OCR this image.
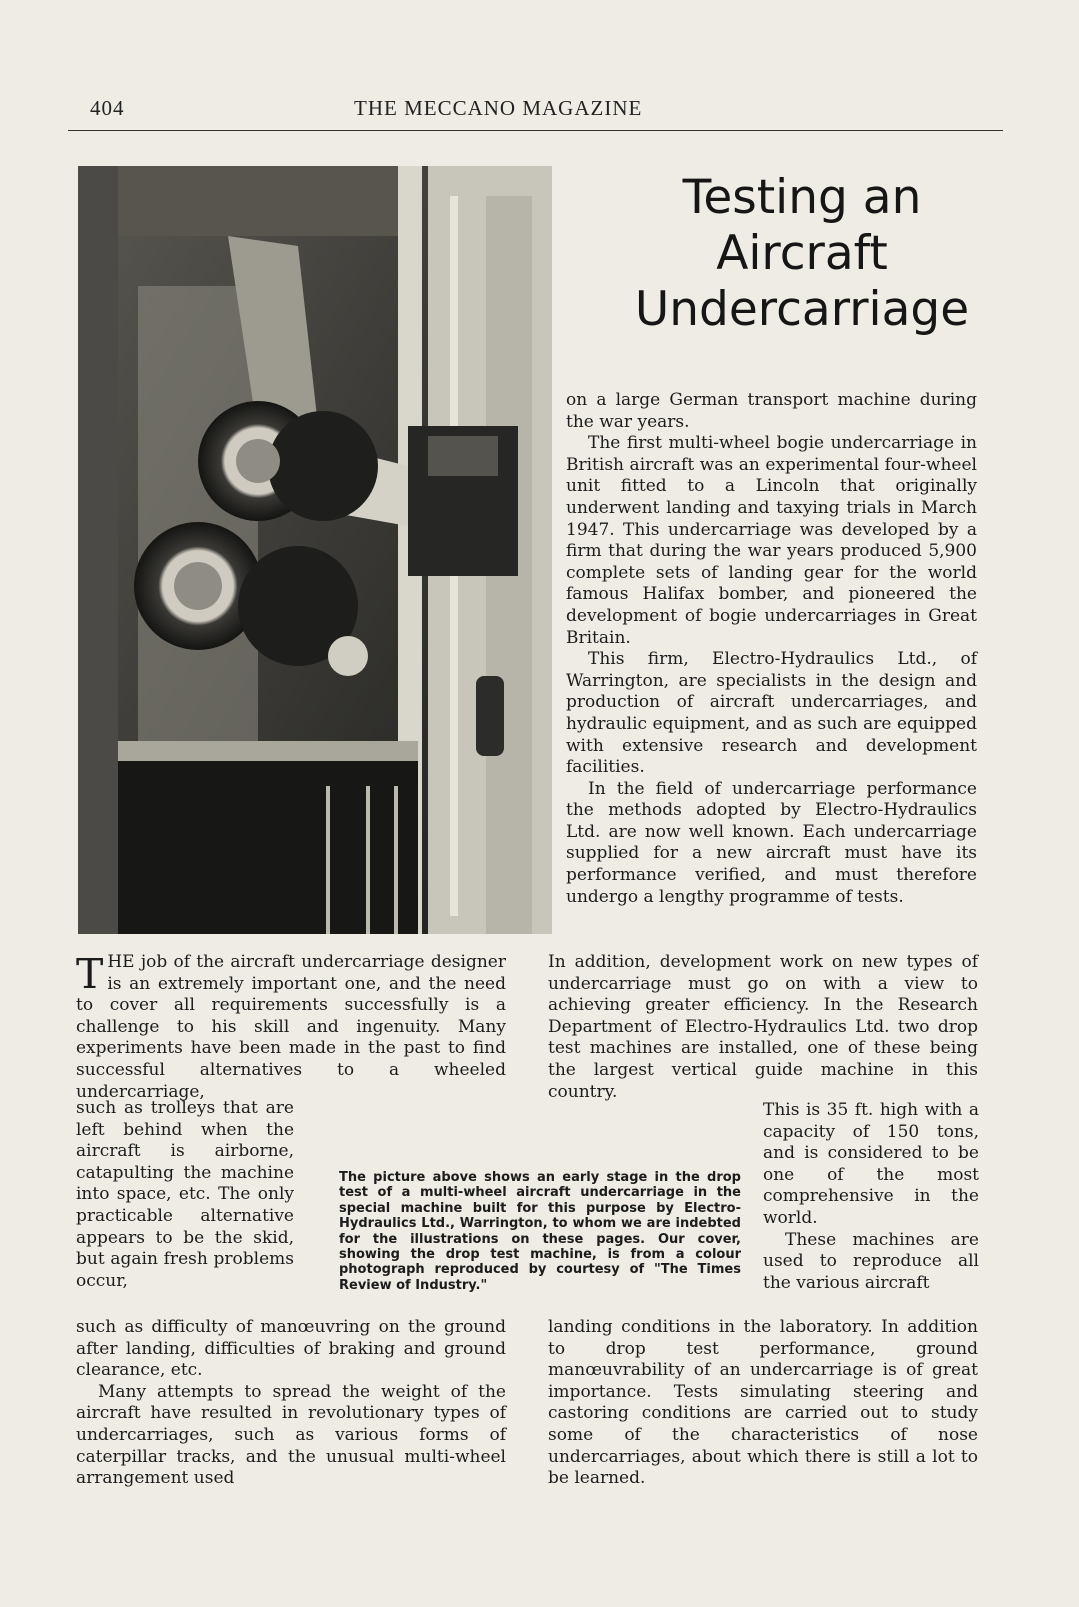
404	THE MECCANO MAGAZINE
Testing an
Aircraft
Undercarriage

on a large German transport machine during the war years.

The first multi-wheel bogie undercarriage in British aircraft was an experimental four-wheel unit fitted to a Lincoln that originally underwent landing and taxying trials in March 1947. This undercarriage was developed by a firm that during the war years produced 5,900 complete sets of landing gear for the world famous Halifax bomber, and pioneered the development of bogie undercarriages in Great Britain.

This firm, Electro-Hydraulics Ltd., of Warrington, are specialists in the design and production of aircraft undercarriages, and hydraulic equipment, and as such are equipped with extensive research and development facilities.

In the field of undercarriage performance the methods adopted by Electro-Hydraulics Ltd. are now well known. Each undercarriage supplied for a new aircraft must have its performance verified, and must therefore undergo a lengthy programme of tests.

THE job of the aircraft undercarriage designer is an extremely important one, and the need to cover all requirements successfully is a challenge to his skill and ingenuity. Many experiments have been made in the past to find successful alternatives to a wheeled undercarriage,
In addition, development work on new types of undercarriage must go on with a view to achieving greater efficiency. In the Research Department of Electro-Hydraulics Ltd. two drop test machines are installed, one of these being the largest vertical guide machine in this country.
such as trolleys that are left behind when the aircraft is airborne, catapulting the machine into space, etc. The only practicable alternative appears to be the skid, but again fresh problems occur,
The picture above shows an early stage in the drop test of a multi-wheel aircraft undercarriage in the special machine built for this purpose by Electro-Hydraulics Ltd., Warrington, to whom we are indebted for the illustrations on these pages. Our cover, showing the drop test machine, is from a colour photograph reproduced by courtesy of "The Times Review of Industry."

This is 35 ft. high with a capacity of 150 tons, and is considered to be one of the most comprehensive in the world.

These machines are used to reproduce all the various aircraft

such as difficulty of manœuvring on the ground after landing, difficulties of braking and ground clearance, etc.

Many attempts to spread the weight of the aircraft have resulted in revolutionary types of undercarriages, such as various forms of caterpillar tracks, and the unusual multi-wheel arrangement used

landing conditions in the laboratory. In addition to drop test performance, ground manœuvrability of an undercarriage is of great importance. Tests simulating steering and castoring conditions are carried out to study some of the characteristics of nose undercarriages, about which there is still a lot to be learned.
